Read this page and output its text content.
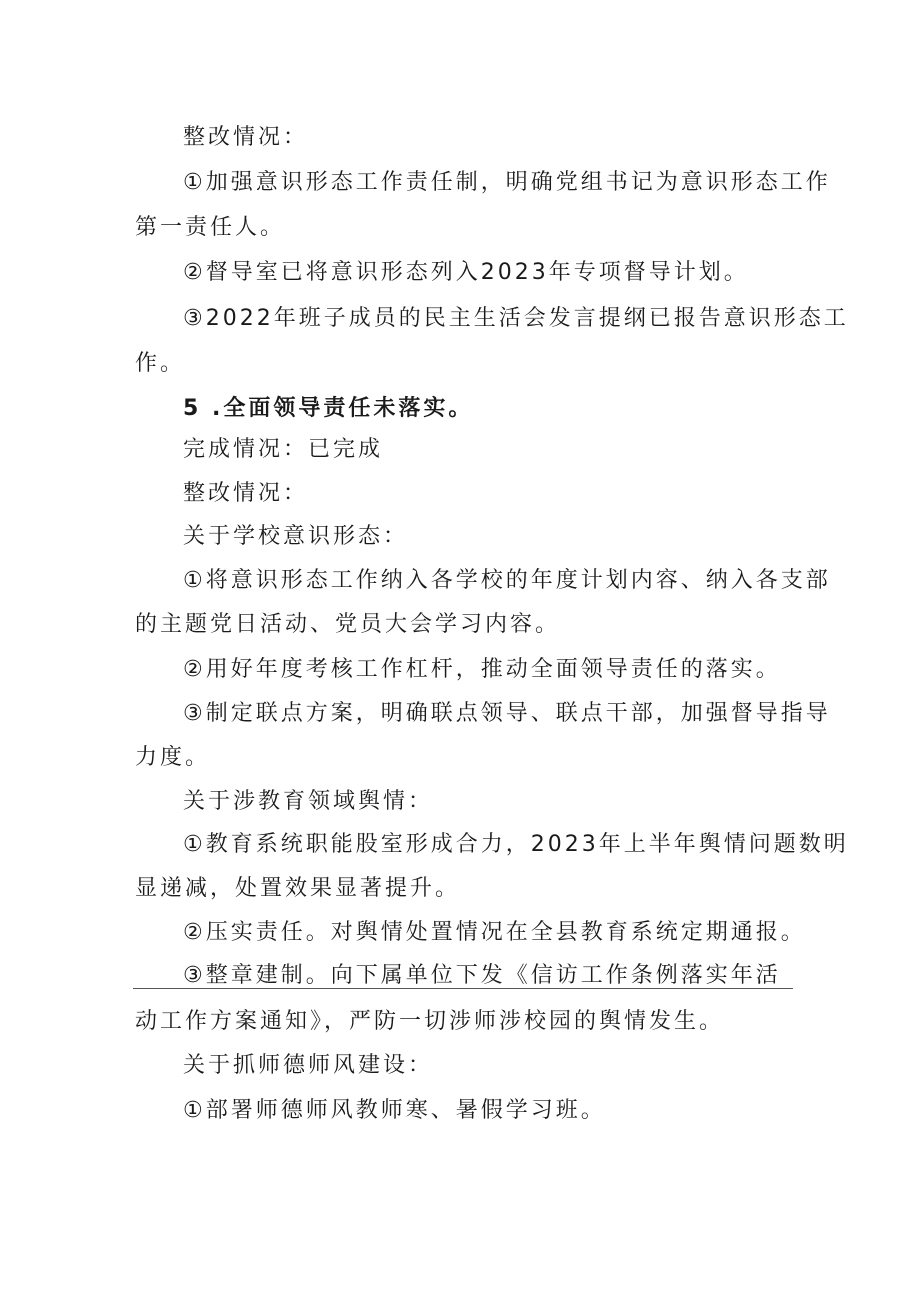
整改情况：
①加强意识形态工作责任制，明确党组书记为意识形态工作
第一责任人。
②督导室已将意识形态列入2023年专项督导计划。
③2022年班子成员的民主生活会发言提纲已报告意识形态工
作。
5 .全面领导责任未落实。
完成情况：已完成
整改情况：
关于学校意识形态：
①将意识形态工作纳入各学校的年度计划内容、纳入各支部
的主题党日活动、党员大会学习内容。
②用好年度考核工作杠杆，推动全面领导责任的落实。
③制定联点方案，明确联点领导、联点干部，加强督导指导
力度。
关于涉教育领域舆情：
①教育系统职能股室形成合力，2023年上半年舆情问题数明
显递减，处置效果显著提升。
②压实责任。对舆情处置情况在全县教育系统定期通报。
③整章建制。向下属单位下发《信访工作条例落实年活
动工作方案通知》，严防一切涉师涉校园的舆情发生。
关于抓师德师风建设：
①部署师德师风教师寒、暑假学习班。
